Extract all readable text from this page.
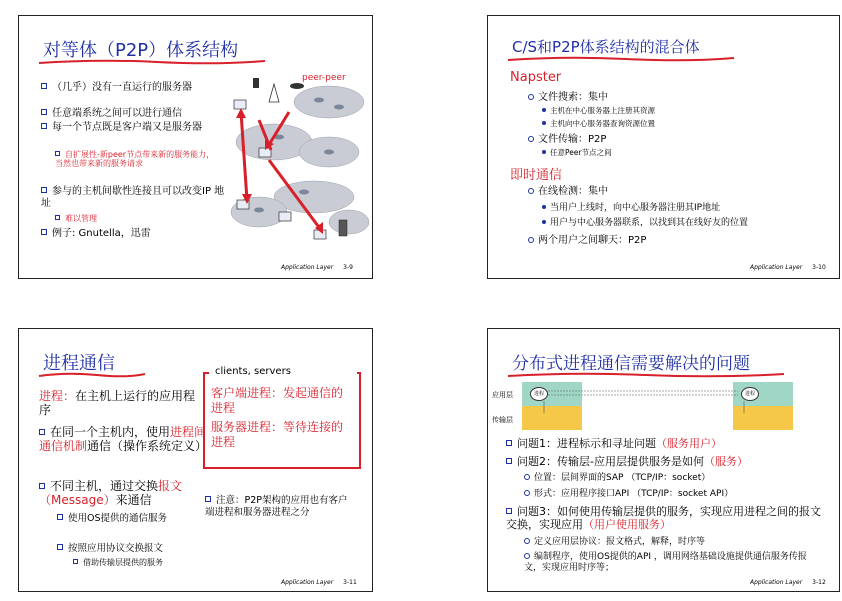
对等体（P2P）体系结构
（几乎）没有一直运行的服务器
任意端系统之间可以进行通信
每一个节点既是客户端又是服务器
自扩展性-新peer节点带来新的服务能力，当然也带来新的服务请求
参与的主机间歇性连接且可以改变IP 地址
难以管理
例子: Gnutella，迅雷
peer-peer
Application Layer 3-9
C/S和P2P体系结构的混合体
Napster
文件搜索：集中
主机在中心服务器上注册其资源
主机向中心服务器查询资源位置
文件传输：P2P
任意Peer节点之间
即时通信
在线检测：集中
当用户上线时，向中心服务器注册其IP地址
用户与中心服务器联系，以找到其在线好友的位置
两个用户之间聊天：P2P
Application Layer 3-10
进程通信
进程：在主机上运行的应用程序
在同一个主机内，使用进程间通信机制通信（操作系统定义）
不同主机，通过交换报文（Message）来通信
使用OS提供的通信服务
按照应用协议交换报文
借助传输层提供的服务
clients, servers
客户端进程：发起通信的进程
服务器进程：等待连接的进程
注意：P2P架构的应用也有客户端进程和服务器进程之分
Application Layer 3-11
分布式进程通信需要解决的问题
应用层
传输层
进程	进程
问题1：进程标示和寻址问题（服务用户）
问题2：传输层-应用层提供服务是如何（服务）
位置：层间界面的SAP （TCP/IP：socket）
形式：应用程序接口API （TCP/IP：socket API）
问题3：如何使用传输层提供的服务，实现应用进程之间的报文交换，实现应用（用户使用服务）
定义应用层协议：报文格式，解释，时序等
编制程序，使用OS提供的API ，调用网络基础设施提供通信服务传报文，实现应用时序等；
Application Layer 3-12
